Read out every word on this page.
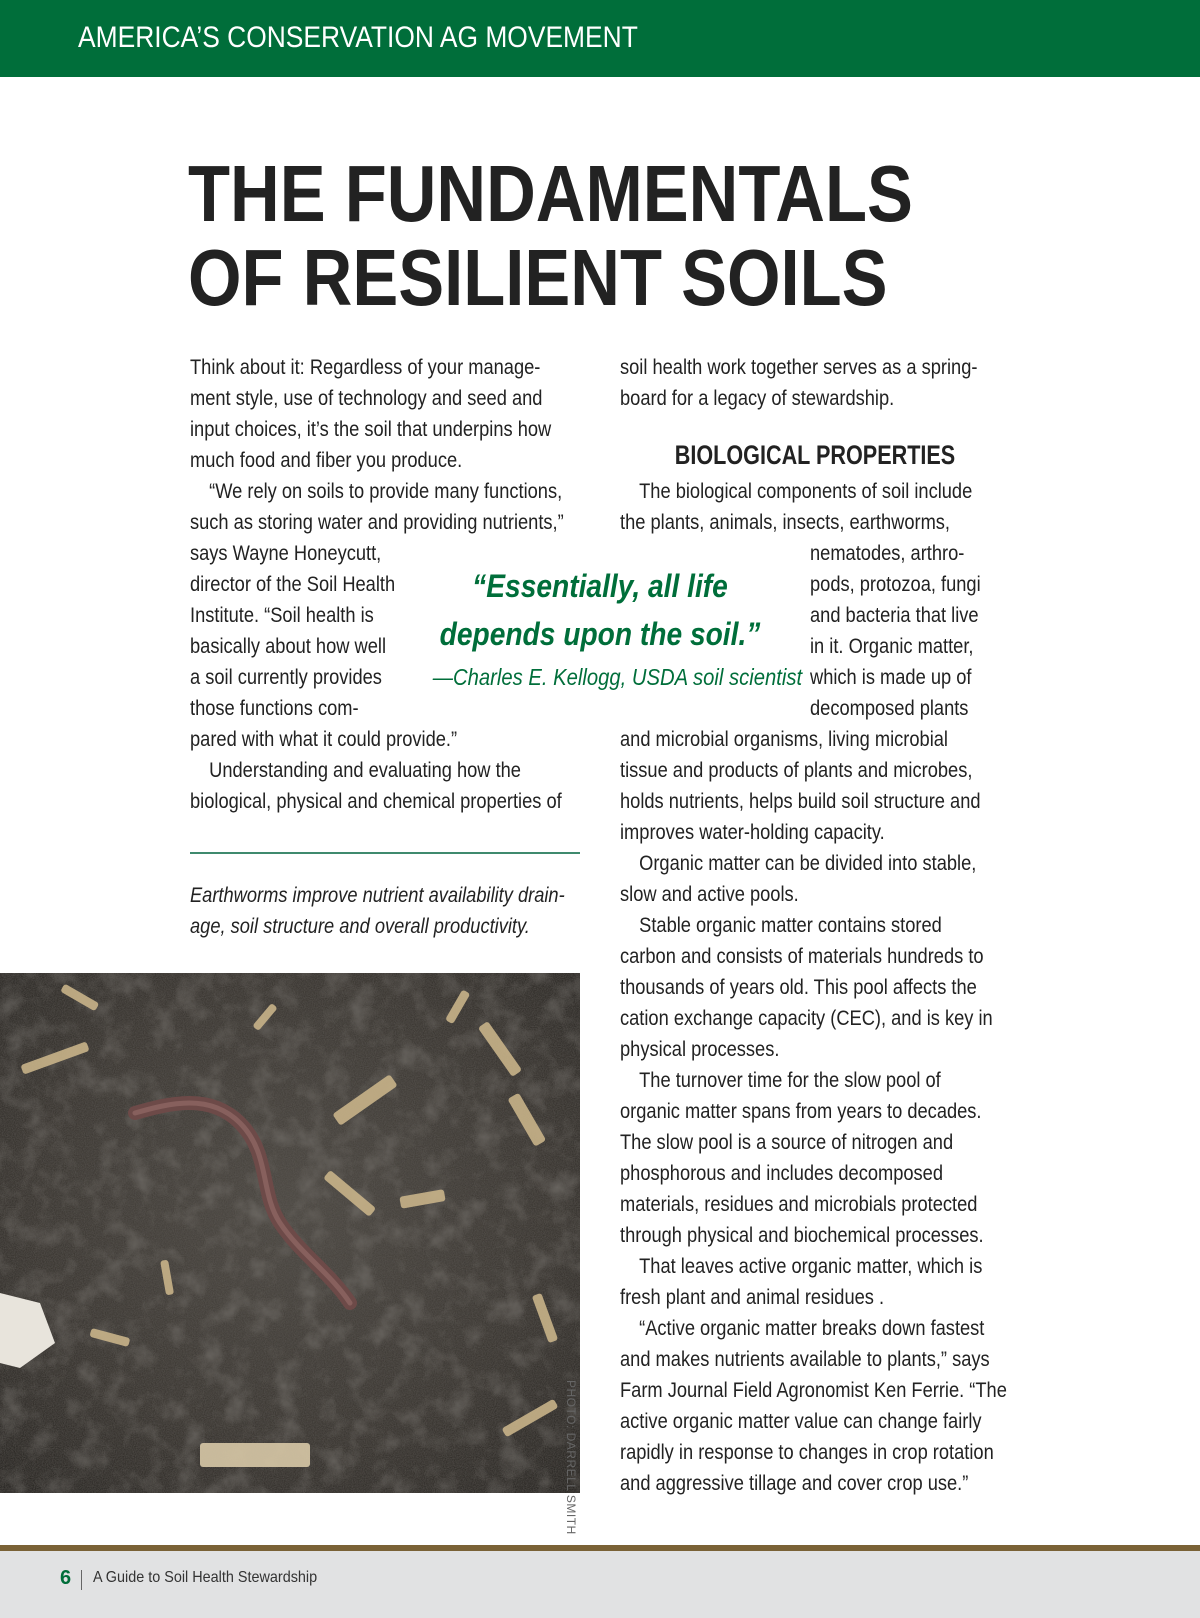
AMERICA’S CONSERVATION AG MOVEMENT
THE FUNDAMENTALS
OF RESILIENT SOILS

Think about it: Regardless of your manage-

ment style, use of technology and seed and

input choices, it’s the soil that underpins how

much food and fiber you produce.

“We rely on soils to provide many functions,

such as storing water and providing nutrients,”

says Wayne Honeycutt,

director of the Soil Health

Institute. “Soil health is

basically about how well

a soil currently provides

those functions com-

pared with what it could provide.”

Understanding and evaluating how the

biological, physical and chemical properties of

soil health work together serves as a spring-

board for a legacy of stewardship.

BIOLOGICAL PROPERTIES

The biological components of soil include

the plants, animals, insects, earthworms,

nematodes, arthro-

pods, protozoa, fungi

and bacteria that live

in it. Organic matter,

which is made up of

decomposed plants

and microbial organisms, living microbial

tissue and products of plants and microbes,

holds nutrients, helps build soil structure and

improves water-holding capacity.

Organic matter can be divided into stable,

slow and active pools.

Stable organic matter contains stored

carbon and consists of materials hundreds to

thousands of years old. This pool affects the

cation exchange capacity (CEC), and is key in

physical processes.

The turnover time for the slow pool of

organic matter spans from years to decades.

The slow pool is a source of nitrogen and

phosphorous and includes decomposed

materials, residues and microbials protected

through physical and biochemical processes.

That leaves active organic matter, which is

fresh plant and animal residues .

“Active organic matter breaks down fastest

and makes nutrients available to plants,” says

Farm Journal Field Agronomist Ken Ferrie. “The

active organic matter value can change fairly

rapidly in response to changes in crop rotation

and aggressive tillage and cover crop use.”

“Essentially, all life
depends upon the soil.”
—Charles E. Kellogg, USDA soil scientist

Earthworms improve nutrient availability drain-

age, soil structure and overall productivity.

PHOTO: DARRELL SMITH
6 A Guide to Soil Health Stewardship
